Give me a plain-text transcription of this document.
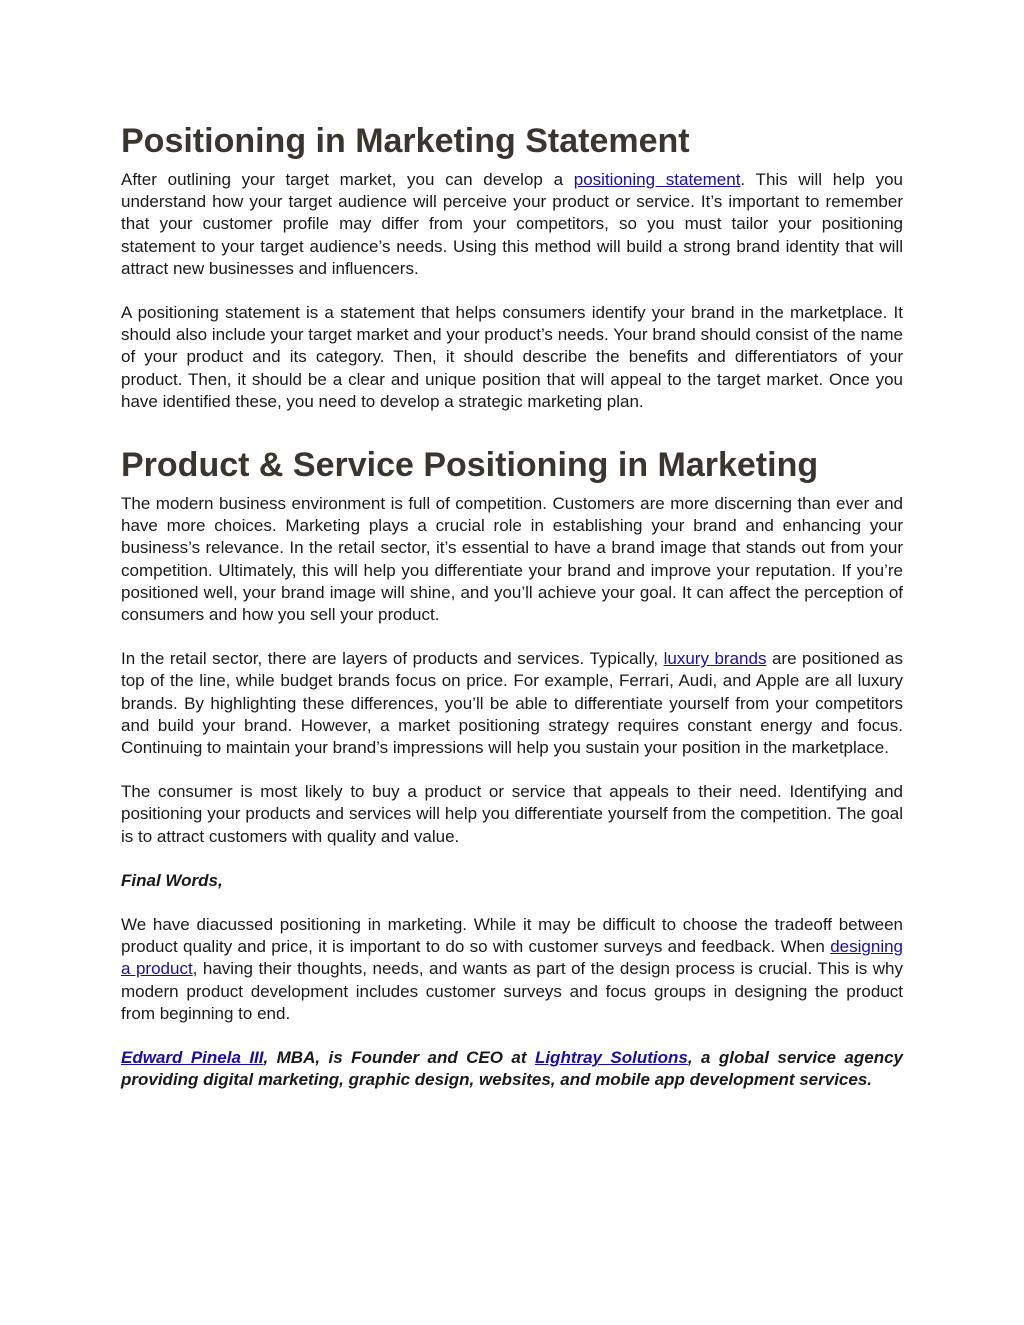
Positioning in Marketing Statement

After outlining your target market, you can develop a positioning statement. This will help you understand how your target audience will perceive your product or service. It’s important to remember that your customer profile may differ from your competitors, so you must tailor your positioning statement to your target audience’s needs. Using this method will build a strong brand identity that will attract new businesses and influencers.

A positioning statement is a statement that helps consumers identify your brand in the marketplace. It should also include your target market and your product’s needs. Your brand should consist of the name of your product and its category. Then, it should describe the benefits and differentiators of your product. Then, it should be a clear and unique position that will appeal to the target market. Once you have identified these, you need to develop a strategic marketing plan.

Product & Service Positioning in Marketing

The modern business environment is full of competition. Customers are more discerning than ever and have more choices. Marketing plays a crucial role in establishing your brand and enhancing your business’s relevance. In the retail sector, it’s essential to have a brand image that stands out from your competition. Ultimately, this will help you differentiate your brand and improve your reputation. If you’re positioned well, your brand image will shine, and you’ll achieve your goal. It can affect the perception of consumers and how you sell your product.

In the retail sector, there are layers of products and services. Typically, luxury brands are positioned as top of the line, while budget brands focus on price. For example, Ferrari, Audi, and Apple are all luxury brands. By highlighting these differences, you’ll be able to differentiate yourself from your competitors and build your brand. However, a market positioning strategy requires constant energy and focus. Continuing to maintain your brand’s impressions will help you sustain your position in the marketplace.

The consumer is most likely to buy a product or service that appeals to their need. Identifying and positioning your products and services will help you differentiate yourself from the competition. The goal is to attract customers with quality and value.

Final Words,

We have diacussed positioning in marketing. While it may be difficult to choose the tradeoff between product quality and price, it is important to do so with customer surveys and feedback. When designing a product, having their thoughts, needs, and wants as part of the design process is crucial. This is why modern product development includes customer surveys and focus groups in designing the product from beginning to end.

Edward Pinela III, MBA, is Founder and CEO at Lightray Solutions, a global service agency providing digital marketing, graphic design, websites, and mobile app development services.
